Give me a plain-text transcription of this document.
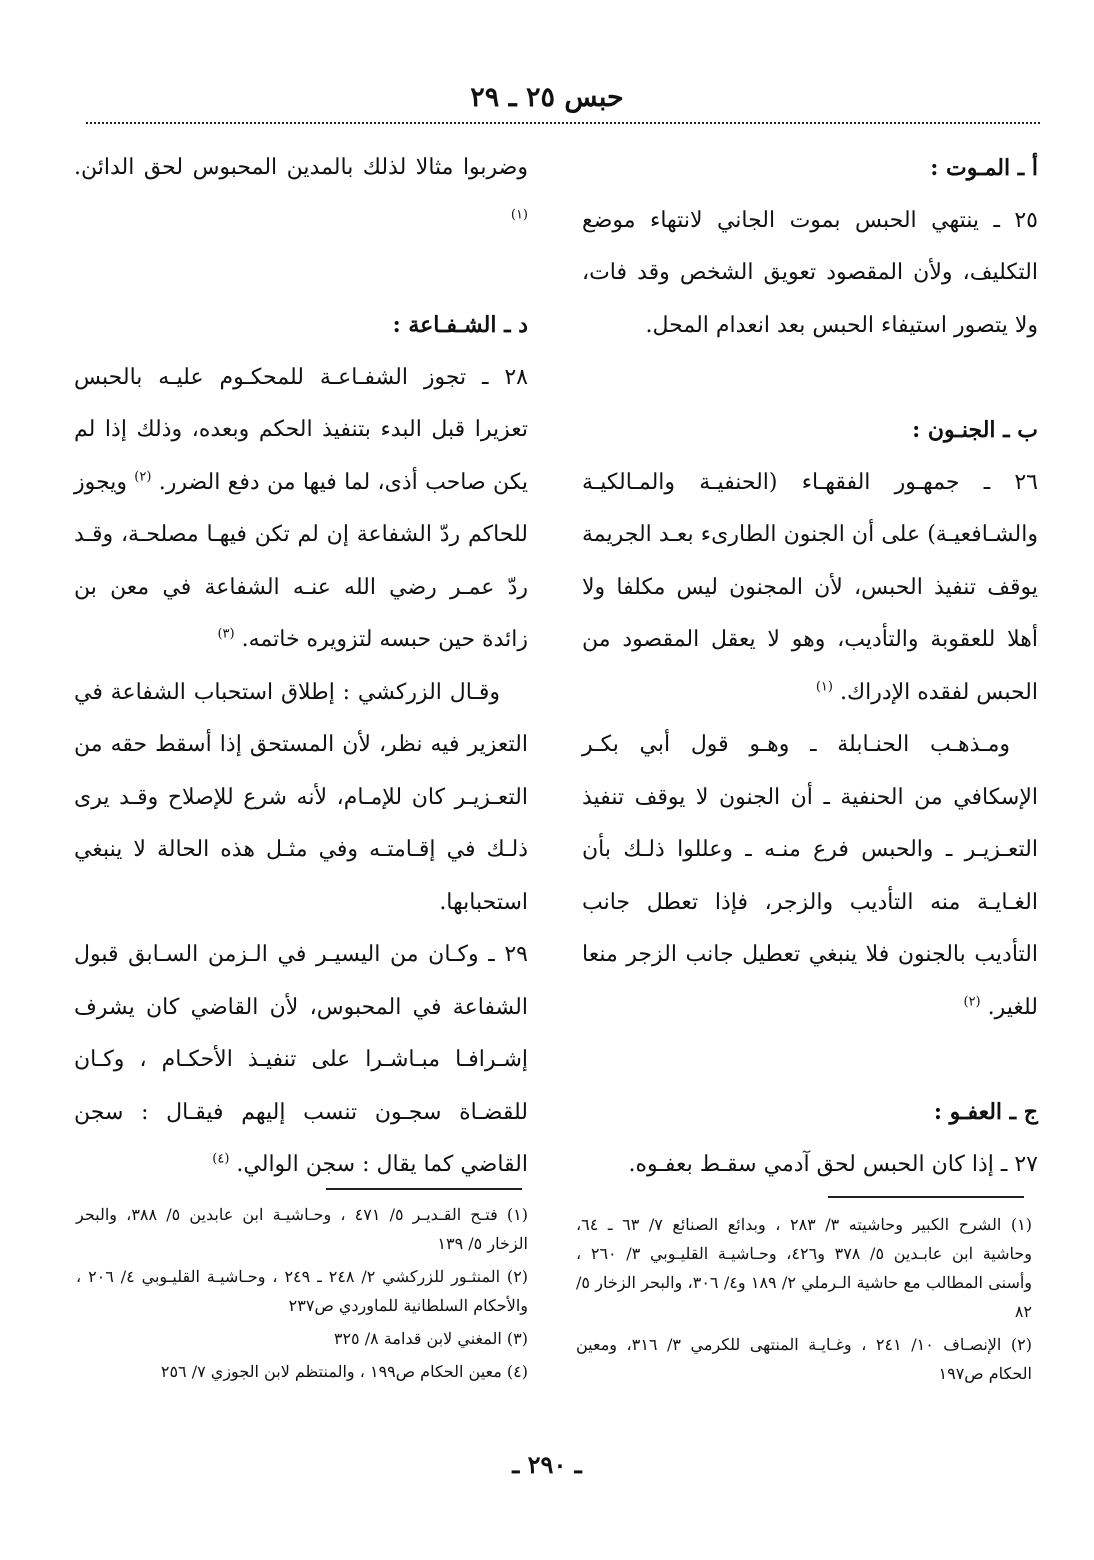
حبس ٢٥ ـ ٢٩

أ ـ المـوت :

٢٥ ـ ينتهي الحبس بموت الجاني لانتهاء موضع التكليف، ولأن المقصود تعويق الشخص وقد فات، ولا يتصور استيفاء الحبس بعد انعدام المحل.

ب ـ الجنـون :

٢٦ ـ جمهـور الفقهـاء (الحنفيـة والمـالكيـة والشـافعيـة) على أن الجنون الطارىء بعـد الجريمة يوقف تنفيذ الحبس، لأن المجنون ليس مكلفا ولا أهلا للعقوبة والتأديب، وهو لا يعقل المقصود من الحبس لفقده الإدراك. $^{(١)}$

ومـذهـب الحنـابلة ـ وهـو قول أبي بكـر الإسكافي من الحنفية ـ أن الجنون لا يوقف تنفيذ التعـزيـر ـ والحبس فرع منـه ـ وعللوا ذلـك بأن الغـايـة منه التأديب والزجر، فإذا تعطل جانب التأديب بالجنون فلا ينبغي تعطيل جانب الزجر منعا للغير. $^{(٢)}$

ج ـ العفـو :

٢٧ ـ إذا كان الحبس لحق آدمي سقـط بعفـوه.

وضربوا مثالا لذلك بالمدين المحبوس لحق الدائن. $^{(١)}$

د ـ الشـفـاعة :

٢٨ ـ تجوز الشفـاعـة للمحكـوم عليـه بالحبس تعزيرا قبل البدء بتنفيذ الحكم وبعده، وذلك إذا لم يكن صاحب أذى، لما فيها من دفع الضرر. $^{(٢)}$ ويجوز للحاكم ردّ الشفاعة إن لم تكن فيهـا مصلحـة، وقـد ردّ عمـر رضي الله عنـه الشفاعة في معن بن زائدة حين حبسه لتزويره خاتمه. $^{(٣)}$

وقـال الزركشي : إطلاق استحباب الشفاعة في التعزير فيه نظر، لأن المستحق إذا أسقط حقه من التعـزيـر كان للإمـام، لأنه شرع للإصلاح وقـد يرى ذلـك في إقـامتـه وفي مثـل هذه الحالة لا ينبغي استحبابها.

٢٩ ـ وكـان من اليسيـر في الـزمن السـابق قبول الشفاعة في المحبوس، لأن القاضي كان يشرف إشـرافـا مبـاشـرا على تنفيـذ الأحكـام ، وكـان للقضـاة سجـون تنسب إليهم فيقـال : سجن القاضي كما يقال : سجن الوالي. $^{(٤)}$

(١) الشرح الكبير وحاشيته ٣/ ٢٨٣ ، وبدائع الصنائع ٧/ ٦٣ ـ ٦٤، وحاشية ابن عابـدين ٥/ ٣٧٨ و٤٢٦، وحـاشيـة القليـوبي ٣/ ٢٦٠ ، وأسنى المطالب مع حاشية الـرملي ٢/ ١٨٩ و٤/ ٣٠٦، والبحر الزخار ٥/ ٨٢

(٢) الإنصـاف ١٠/ ٢٤١ ، وغـايـة المنتهى للكرمي ٣/ ٣١٦، ومعين الحكام ص١٩٧

(١) فتـح القـديـر ٥/ ٤٧١ ، وحـاشيـة ابن عابدين ٥/ ٣٨٨، والبحر الزخار ٥/ ١٣٩

(٢) المنثـور للزركشي ٢/ ٢٤٨ ـ ٢٤٩ ، وحـاشيـة القليـوبي ٤/ ٢٠٦ ، والأحكام السلطانية للماوردي ص٢٣٧

(٣) المغني لابن قدامة ٨/ ٣٢٥

(٤) معين الحكام ص١٩٩ ، والمنتظم لابن الجوزي ٧/ ٢٥٦

ـ ٢٩٠ ـ
